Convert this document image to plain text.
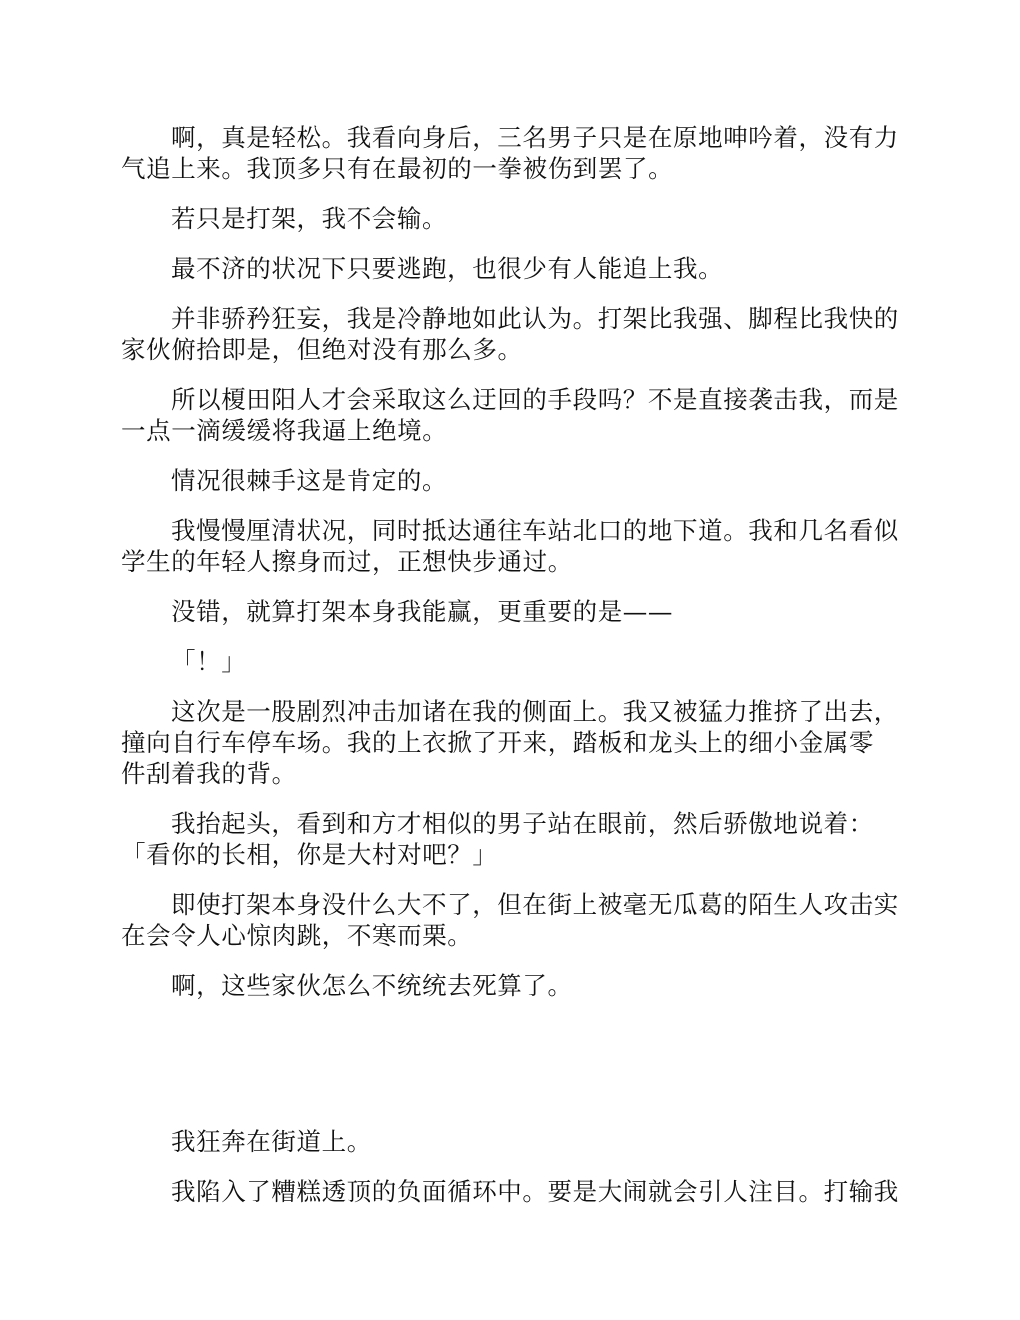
啊，真是轻松。我看向身后，三名男子只是在原地呻吟着，没有力气追上来。我顶多只有在最初的一拳被伤到罢了。

若只是打架，我不会输。

最不济的状况下只要逃跑，也很少有人能追上我。

并非骄矜狂妄，我是冷静地如此认为。打架比我强、脚程比我快的家伙俯拾即是，但绝对没有那么多。

所以榎田阳人才会采取这么迂回的手段吗？不是直接袭击我，而是一点一滴缓缓将我逼上绝境。

情况很棘手这是肯定的。

我慢慢厘清状况，同时抵达通往车站北口的地下道。我和几名看似学生的年轻人擦身而过，正想快步通过。

没错，就算打架本身我能赢，更重要的是——

「！」

这次是一股剧烈冲击加诸在我的侧面上。我又被猛力推挤了出去，撞向自行车停车场。我的上衣掀了开来，踏板和龙头上的细小金属零件刮着我的背。

我抬起头，看到和方才相似的男子站在眼前，然后骄傲地说着：

「看你的长相，你是大村对吧？」

即使打架本身没什么大不了，但在街上被毫无瓜葛的陌生人攻击实在会令人心惊肉跳，不寒而栗。

啊，这些家伙怎么不统统去死算了。

我狂奔在街道上。

我陷入了糟糕透顶的负面循环中。要是大闹就会引人注目。打输我
